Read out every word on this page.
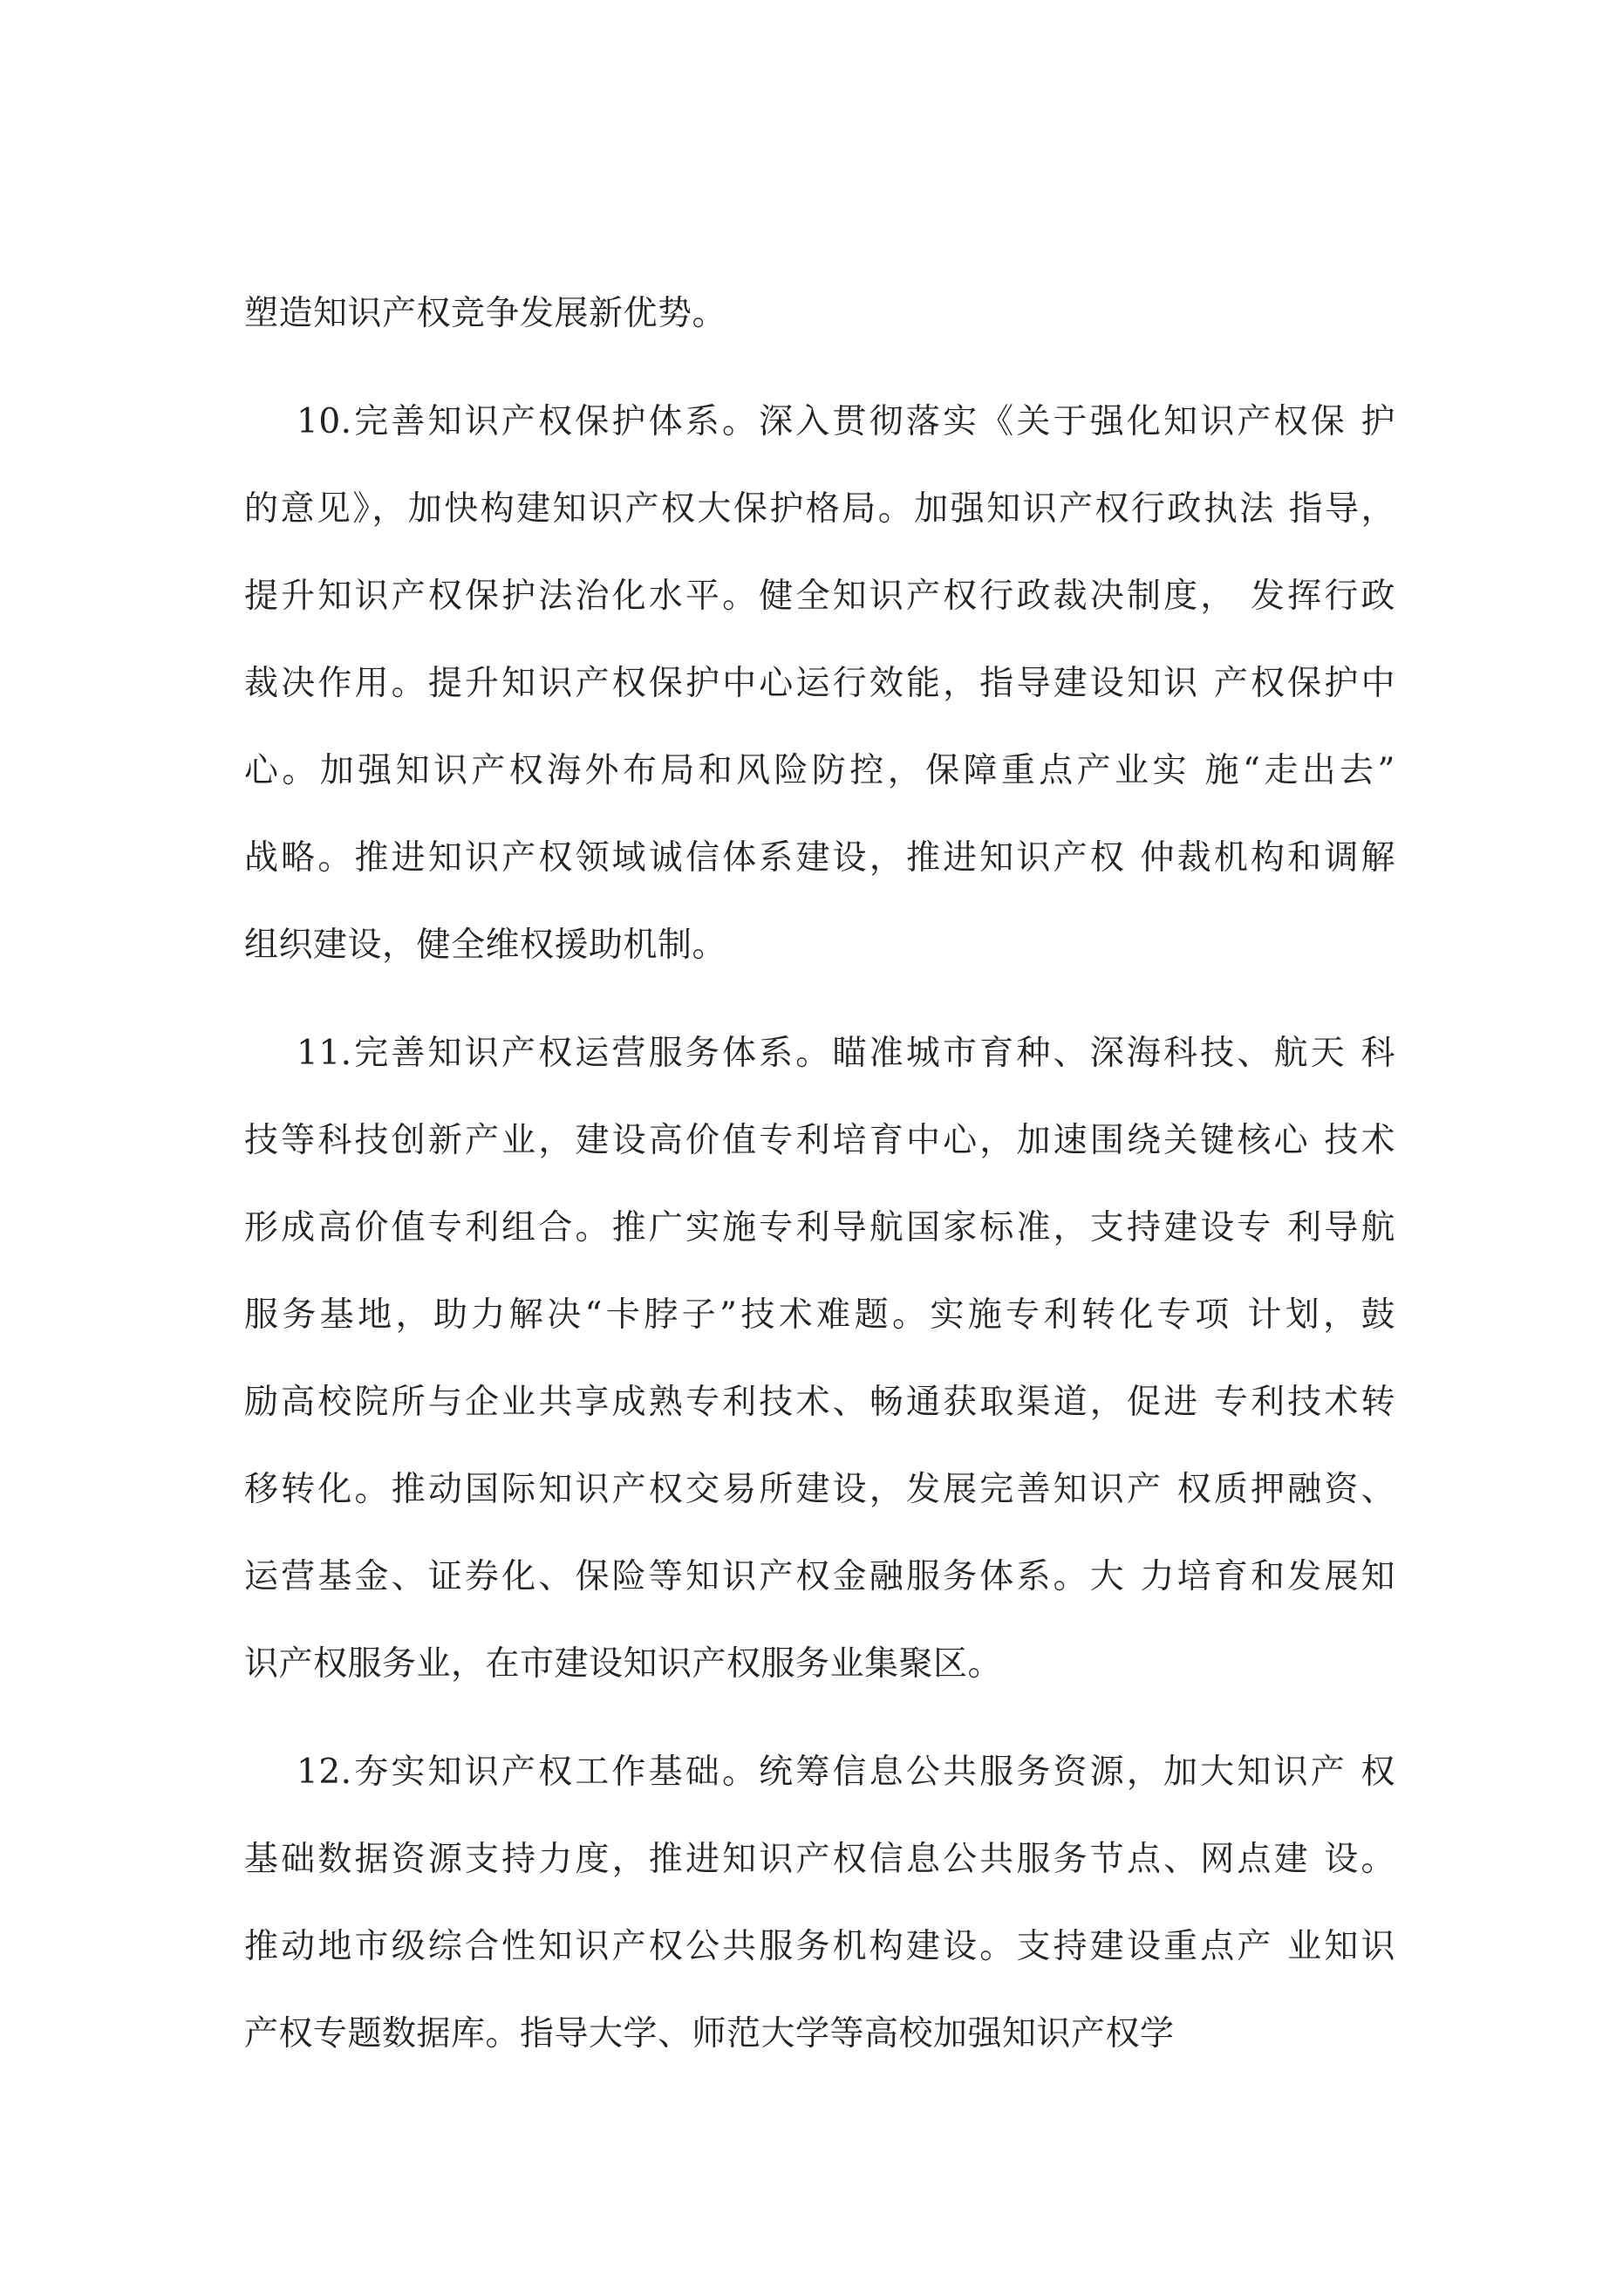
塑造知识产权竞争发展新优势。
10.完善知识产权保护体系。深入贯彻落实《关于强化知识产权保 护
的意见》，加快构建知识产权大保护格局。加强知识产权行政执法 指导，
提升知识产权保护法治化水平。健全知识产权行政裁决制度， 发挥行政
裁决作用。提升知识产权保护中心运行效能，指导建设知识 产权保护中
心。加强知识产权海外布局和风险防控，保障重点产业实 施“走出去”
战略。推进知识产权领域诚信体系建设，推进知识产权 仲裁机构和调解
组织建设，健全维权援助机制。
11.完善知识产权运营服务体系。瞄准城市育种、深海科技、航天 科
技等科技创新产业，建设高价值专利培育中心，加速围绕关键核心 技术
形成高价值专利组合。推广实施专利导航国家标准，支持建设专 利导航
服务基地，助力解决“卡脖子”技术难题。实施专利转化专项 计划，鼓
励高校院所与企业共享成熟专利技术、畅通获取渠道，促进 专利技术转
移转化。推动国际知识产权交易所建设，发展完善知识产 权质押融资、
运营基金、证券化、保险等知识产权金融服务体系。大 力培育和发展知
识产权服务业，在市建设知识产权服务业集聚区。
12.夯实知识产权工作基础。统筹信息公共服务资源，加大知识产 权
基础数据资源支持力度，推进知识产权信息公共服务节点、网点建 设。
推动地市级综合性知识产权公共服务机构建设。支持建设重点产 业知识
产权专题数据库。指导大学、师范大学等高校加强知识产权学
